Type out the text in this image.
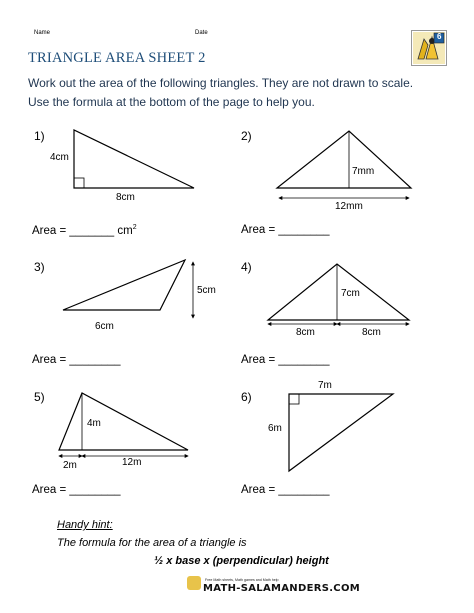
Name	Date	6
TRIANGLE AREA SHEET 2
Work out the area of the following triangles. They are not drawn to scale.
Use the formula at the bottom of the page to help you.
1)	2)
3)	4)
5)	6)
4cm
8cm
7mm
12mm
5cm
6cm
7cm
8cm	8cm
4m
2m	12m
7m
6m
Area = _______ $cm^2$	Area = ________
Area = ________	Area = ________
Area = ________	Area = ________
Handy hint:
The formula for the area of a triangle is
½ x base x (perpendicular) height
Free Math sheets, Math games and Math help
MATH-SALAMANDERS.COM
